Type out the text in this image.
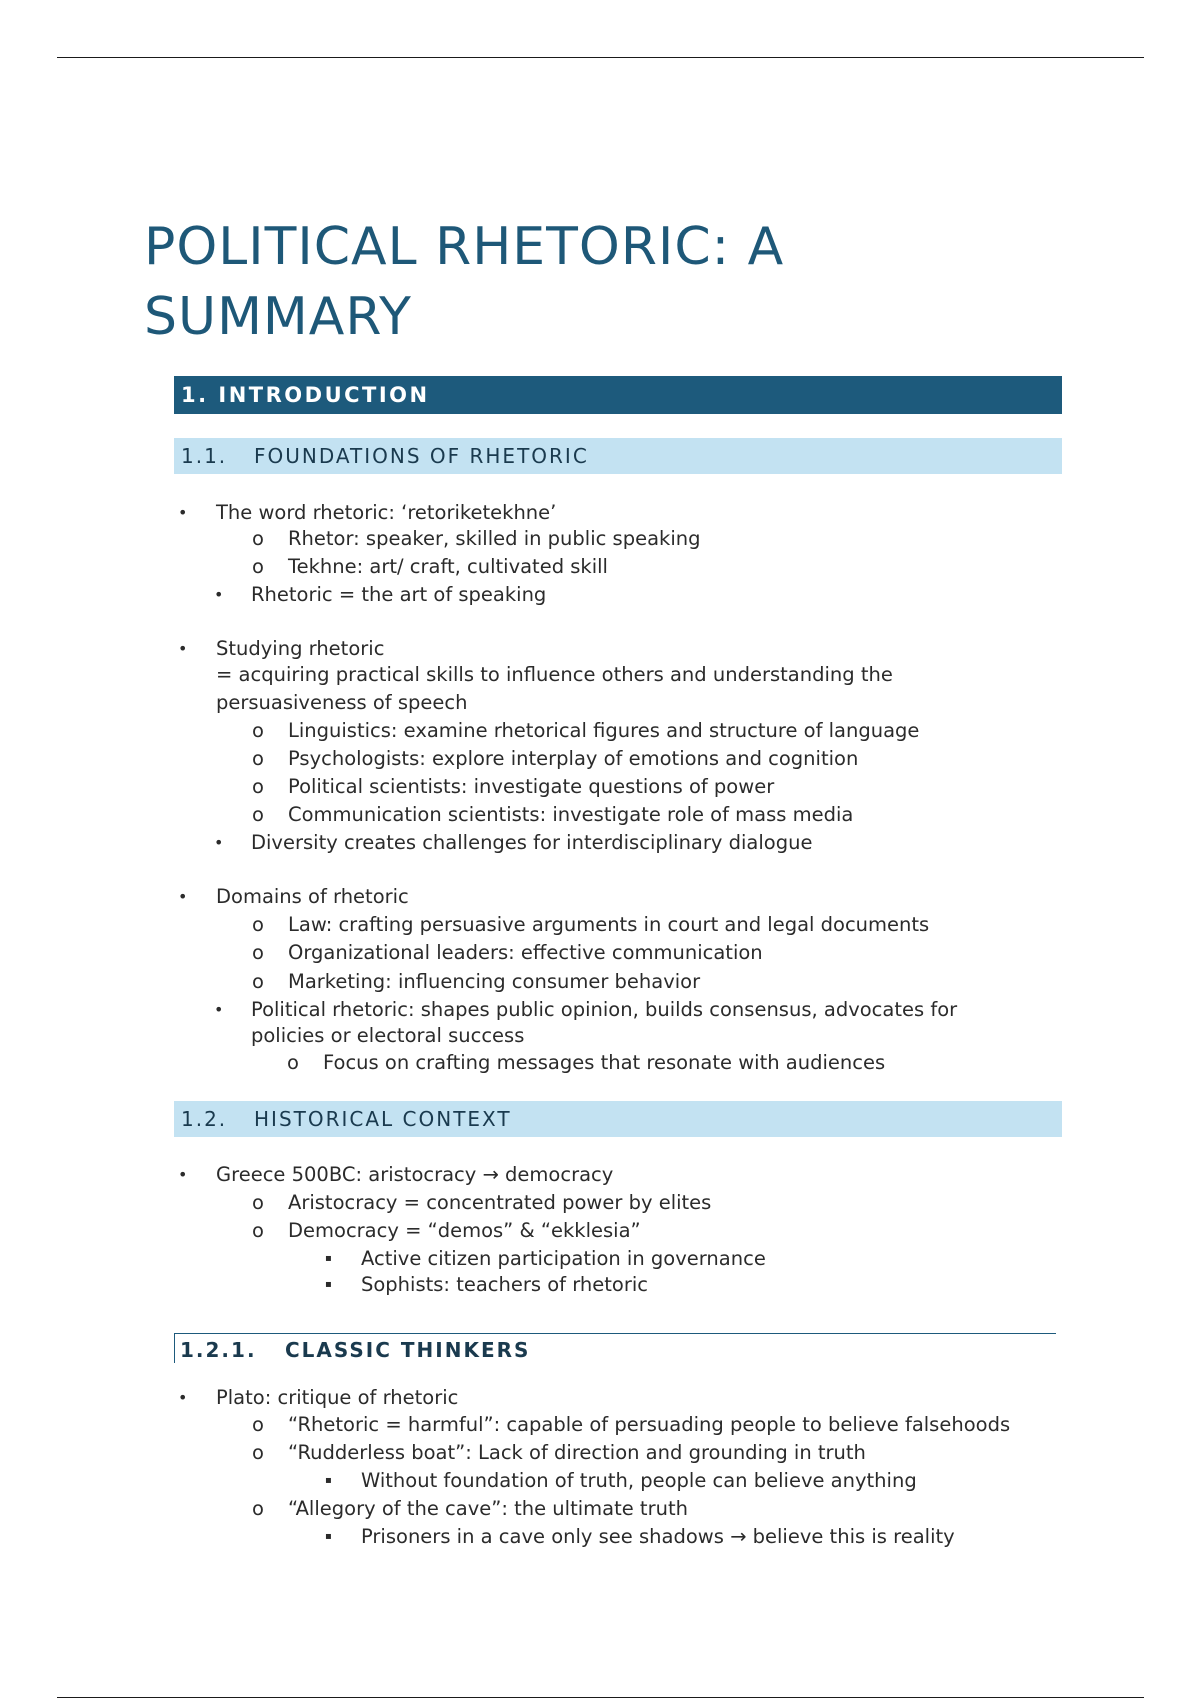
POLITICAL RHETORIC: A SUMMARY
1. INTRODUCTION
1.1. FOUNDATIONS OF RHETORIC
• The word rhetoric: ‘retoriketekhne’
o Rhetor: speaker, skilled in public speaking
o Tekhne: art/ craft, cultivated skill
• Rhetoric = the art of speaking
• Studying rhetoric
= acquiring practical skills to influence others and understanding the
persuasiveness of speech
o Linguistics: examine rhetorical figures and structure of language
o Psychologists: explore interplay of emotions and cognition
o Political scientists: investigate questions of power
o Communication scientists: investigate role of mass media
• Diversity creates challenges for interdisciplinary dialogue
• Domains of rhetoric
o Law: crafting persuasive arguments in court and legal documents
o Organizational leaders: effective communication
o Marketing: influencing consumer behavior
• Political rhetoric: shapes public opinion, builds consensus, advocates for
policies or electoral success
o Focus on crafting messages that resonate with audiences
1.2. HISTORICAL CONTEXT
• Greece 500BC: aristocracy → democracy
o Aristocracy = concentrated power by elites
o Democracy = “demos” & “ekklesia”
▪ Active citizen participation in governance
▪ Sophists: teachers of rhetoric
1.2.1. CLASSIC THINKERS
• Plato: critique of rhetoric
o “Rhetoric = harmful”: capable of persuading people to believe falsehoods
o “Rudderless boat”: Lack of direction and grounding in truth
▪ Without foundation of truth, people can believe anything
o “Allegory of the cave”: the ultimate truth
▪ Prisoners in a cave only see shadows → believe this is reality
